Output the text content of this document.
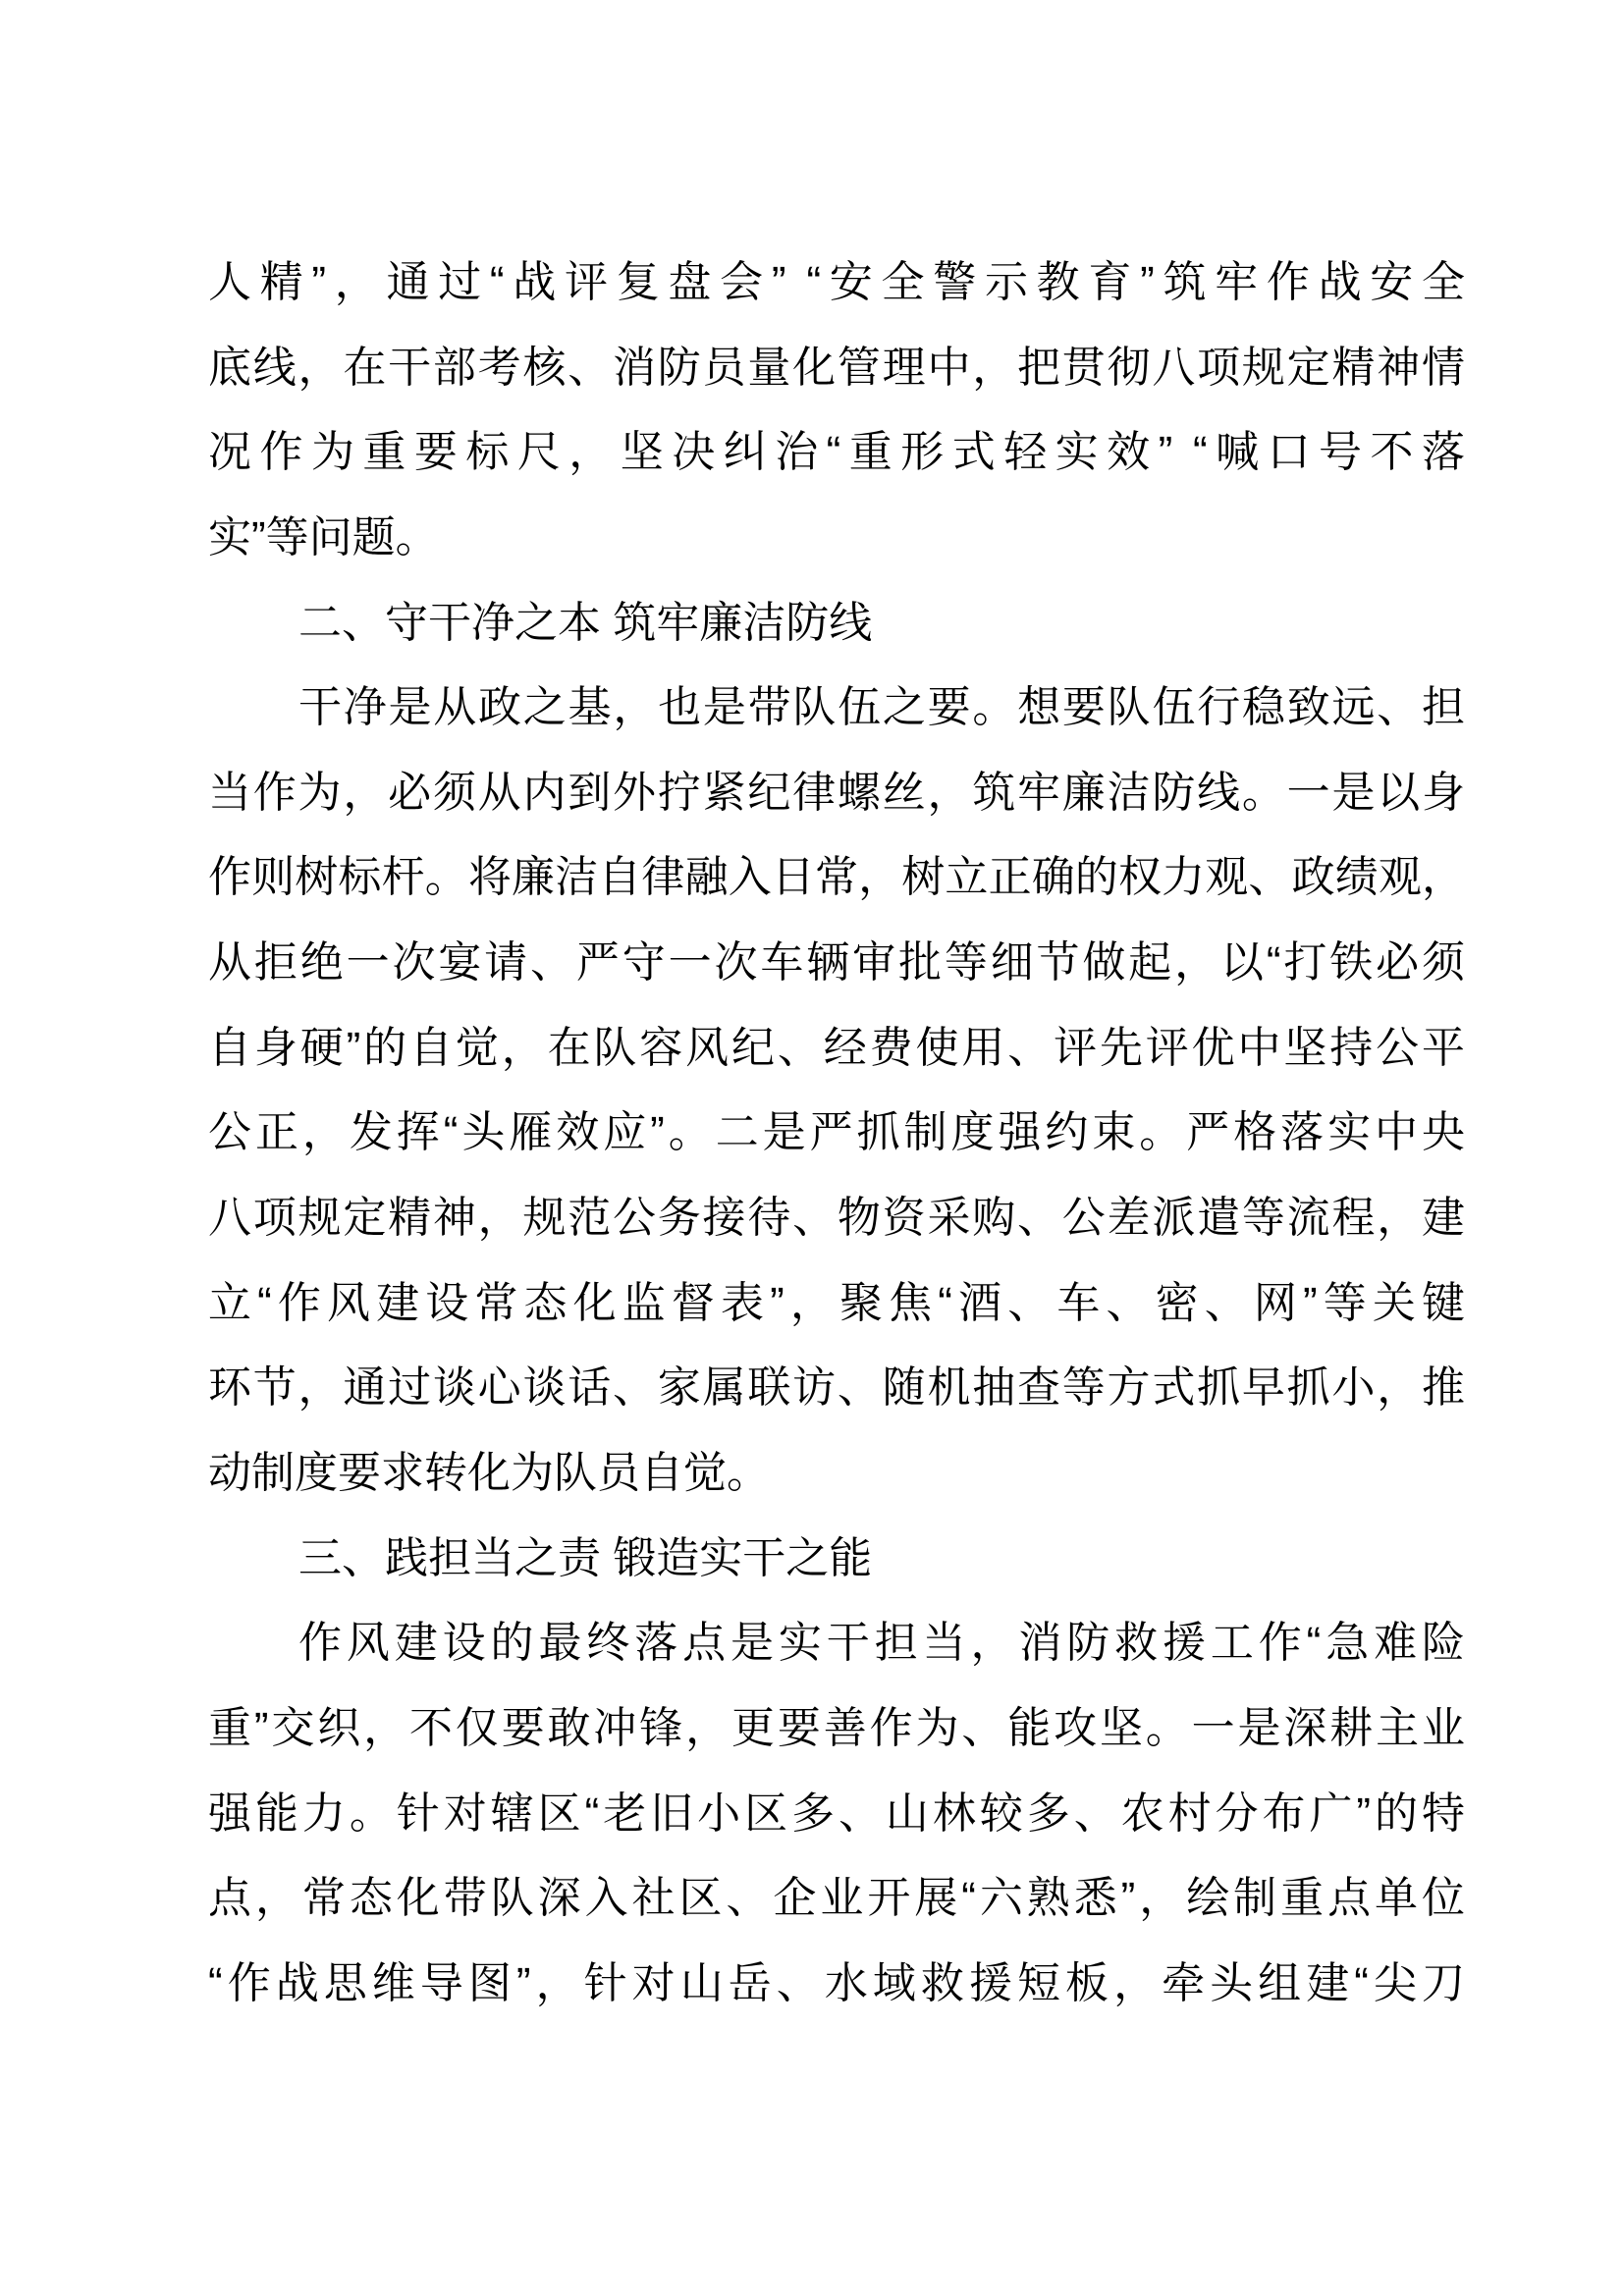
人精”，通过“战评复盘会” “安全警示教育”筑牢作战安全
底线，在干部考核、消防员量化管理中，把贯彻八项规定精神情
况作为重要标尺，坚决纠治“重形式轻实效” “喊口号不落
实”等问题。
二、守干净之本 筑牢廉洁防线
干净是从政之基，也是带队伍之要。想要队伍行稳致远、担
当作为，必须从内到外拧紧纪律螺丝，筑牢廉洁防线。一是以身
作则树标杆。将廉洁自律融入日常，树立正确的权力观、政绩观，
从拒绝一次宴请、严守一次车辆审批等细节做起，以“打铁必须
自身硬”的自觉，在队容风纪、经费使用、评先评优中坚持公平
公正，发挥“头雁效应”。二是严抓制度强约束。严格落实中央
八项规定精神，规范公务接待、物资采购、公差派遣等流程，建
立“作风建设常态化监督表”，聚焦“酒、车、密、网”等关键
环节，通过谈心谈话、家属联访、随机抽查等方式抓早抓小，推
动制度要求转化为队员自觉。
三、践担当之责 锻造实干之能
作风建设的最终落点是实干担当，消防救援工作“急难险
重”交织，不仅要敢冲锋，更要善作为、能攻坚。一是深耕主业
强能力。针对辖区“老旧小区多、山林较多、农村分布广”的特
点，常态化带队深入社区、企业开展“六熟悉”，绘制重点单位
“作战思维导图”，针对山岳、水域救援短板，牵头组建“尖刀
